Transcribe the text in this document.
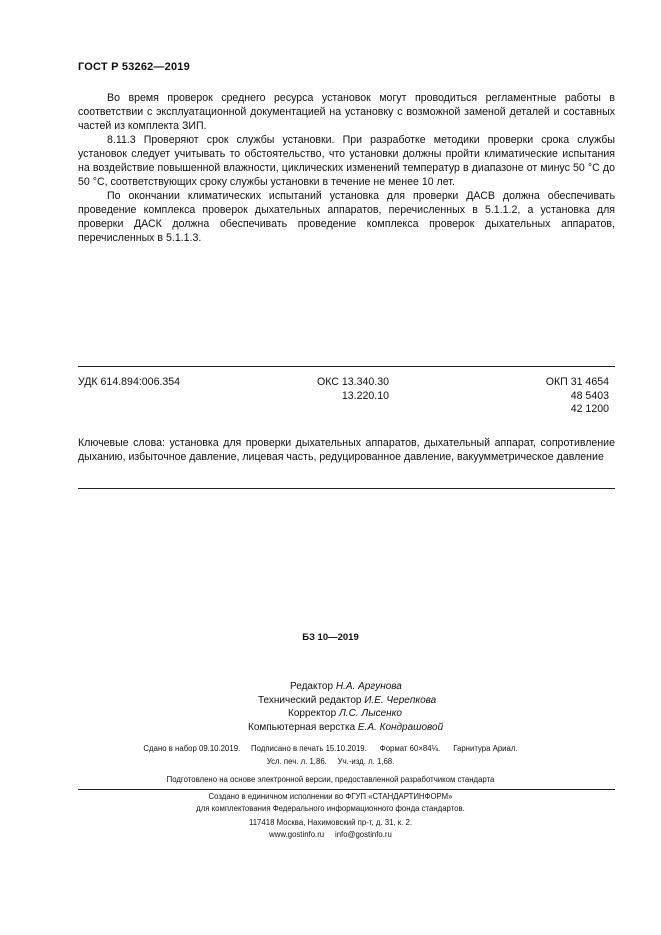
ГОСТ Р 53262—2019

Во время проверок среднего ресурса установок могут проводиться регламентные работы в соответствии с эксплуатационной документацией на установку с возможной заменой деталей и составных частей из комплекта ЗИП.

8.11.3 Проверяют срок службы установки. При разработке методики проверки срока службы установок следует учитывать то обстоятельство, что установки должны пройти климатические испытания на воздействие повышенной влажности, циклических изменений температур в диапазоне от минус 50 °С до 50 °С, соответствующих сроку службы установки в течение не менее 10 лет.

По окончании климатических испытаний установка для проверки ДАСВ должна обеспечивать проведение комплекса проверок дыхательных аппаратов, перечисленных в 5.1.1.2, а установка для проверки ДАСК должна обеспечивать проведение комплекса проверок дыхательных аппаратов, перечисленных в 5.1.1.3.

УДК 614.894:006.354	ОКС 13.340.30
13.220.10
ОКП 31 4654
48 5403
42 1200
Ключевые слова: установка для проверки дыхательных аппаратов, дыхательный аппарат, сопротивление дыханию, избыточное давление, лицевая часть, редуцированное давление, вакуумметрическое давление
БЗ 10—2019
Редактор Н.А. Аргунова
Технический редактор И.Е. Черепкова
Корректор Л.С. Лысенко
Компьютерная верстка Е.А. Кондрашовой
Сдано в набор 09.10.2019.     Подписано в печать 15.10.2019.      Формат 60×84⅛.      Гарнитура Ариал.
Усл. печ. л. 1,86.     Уч.-изд. л. 1,68.
Подготовлено на основе электронной версии, предоставленной разработчиком стандарта
Создано в единичном исполнении во ФГУП «СТАНДАРТИНФОРМ»
для комплектования Федерального информационного фонда стандартов.
117418 Москва, Нахимовский пр-т, д. 31, к. 2.
www.gostinfo.ru     info@gostinfo.ru
